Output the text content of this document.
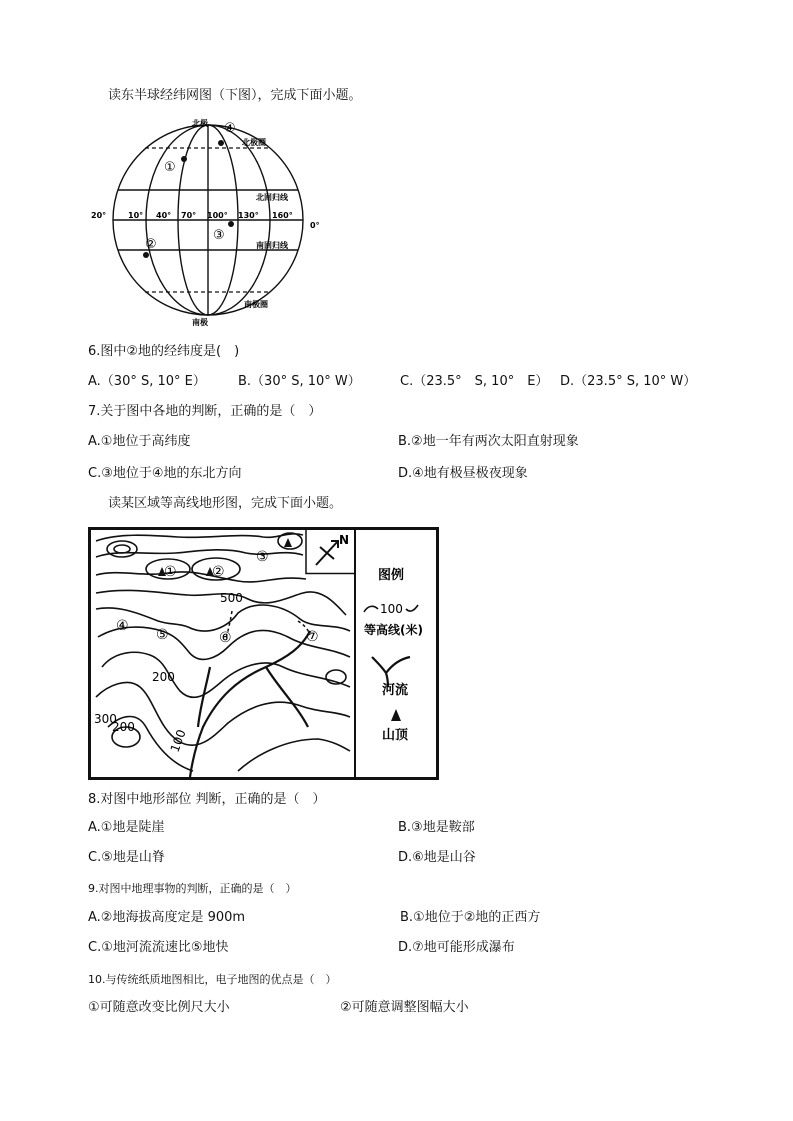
读东半球经纬网图（下图），完成下面小题。
北极
南极
北极圈
北回归线
南回归线
南极圈
20°	10° 40° 70° 100° 130° 160°
0°
①
②
③
④
6.图中②地的经纬度是(　)
A.（30° S, 10° E） B.（30° S, 10° W）	C.（23.5°　S, 10°　E） D.（23.5° S, 10° W）
7.关于图中各地的判断，正确的是（　）
A.①地位于高纬度	B.②地一年有两次太阳直射现象
C.③地位于④地的东北方向	D.④地有极昼极夜现象
读某区域等高线地形图，完成下面小题。
N
500
200
300
200
100
①	②
③
④
⑤	⑥	⑦
图例
100
等高线(米)
河流
山顶
8.对图中地形部位 判断，正确的是（　）
A.①地是陡崖	B.③地是鞍部
C.⑤地是山脊	D.⑥地是山谷
9.对图中地理事物的判断，正确的是（　）
A.②地海拔高度定是 900m	B.①地位于②地的正西方
C.①地河流流速比⑤地快	D.⑦地可能形成瀑布
10.与传统纸质地图相比，电子地图的优点是（　）
①可随意改变比例尺大小	②可随意调整图幅大小
